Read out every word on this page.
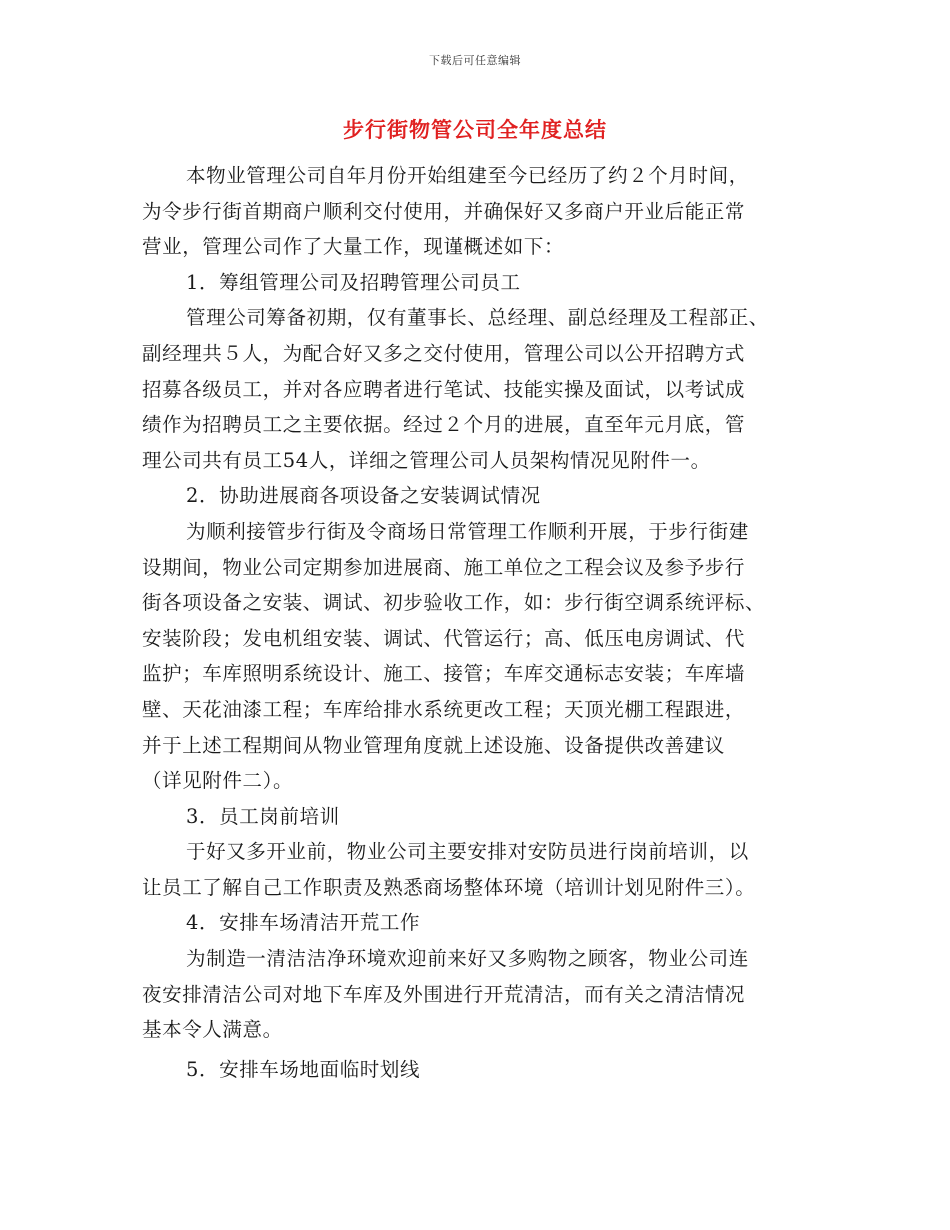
下载后可任意编辑
步行街物管公司全年度总结
本物业管理公司自年月份开始组建至今已经历了约２个月时间，
为令步行街首期商户顺利交付使用，并确保好又多商户开业后能正常
营业，管理公司作了大量工作，现谨概述如下：
1．筹组管理公司及招聘管理公司员工
管理公司筹备初期，仅有董事长、总经理、副总经理及工程部正、
副经理共５人，为配合好又多之交付使用，管理公司以公开招聘方式
招募各级员工，并对各应聘者进行笔试、技能实操及面试，以考试成
绩作为招聘员工之主要依据。经过２个月的进展，直至年元月底，管
理公司共有员工54人，详细之管理公司人员架构情况见附件一。
2．协助进展商各项设备之安装调试情况
为顺利接管步行街及令商场日常管理工作顺利开展，于步行街建
设期间，物业公司定期参加进展商、施工单位之工程会议及参予步行
街各项设备之安装、调试、初步验收工作，如：步行街空调系统评标、
安装阶段；发电机组安装、调试、代管运行；高、低压电房调试、代
监护；车库照明系统设计、施工、接管；车库交通标志安装；车库墙
壁、天花油漆工程；车库给排水系统更改工程；天顶光棚工程跟进，
并于上述工程期间从物业管理角度就上述设施、设备提供改善建议
（详见附件二）。
3．员工岗前培训
于好又多开业前，物业公司主要安排对安防员进行岗前培训，以
让员工了解自己工作职责及熟悉商场整体环境（培训计划见附件三）。
4．安排车场清洁开荒工作
为制造一清洁洁净环境欢迎前来好又多购物之顾客，物业公司连
夜安排清洁公司对地下车库及外围进行开荒清洁，而有关之清洁情况
基本令人满意。
5．安排车场地面临时划线
